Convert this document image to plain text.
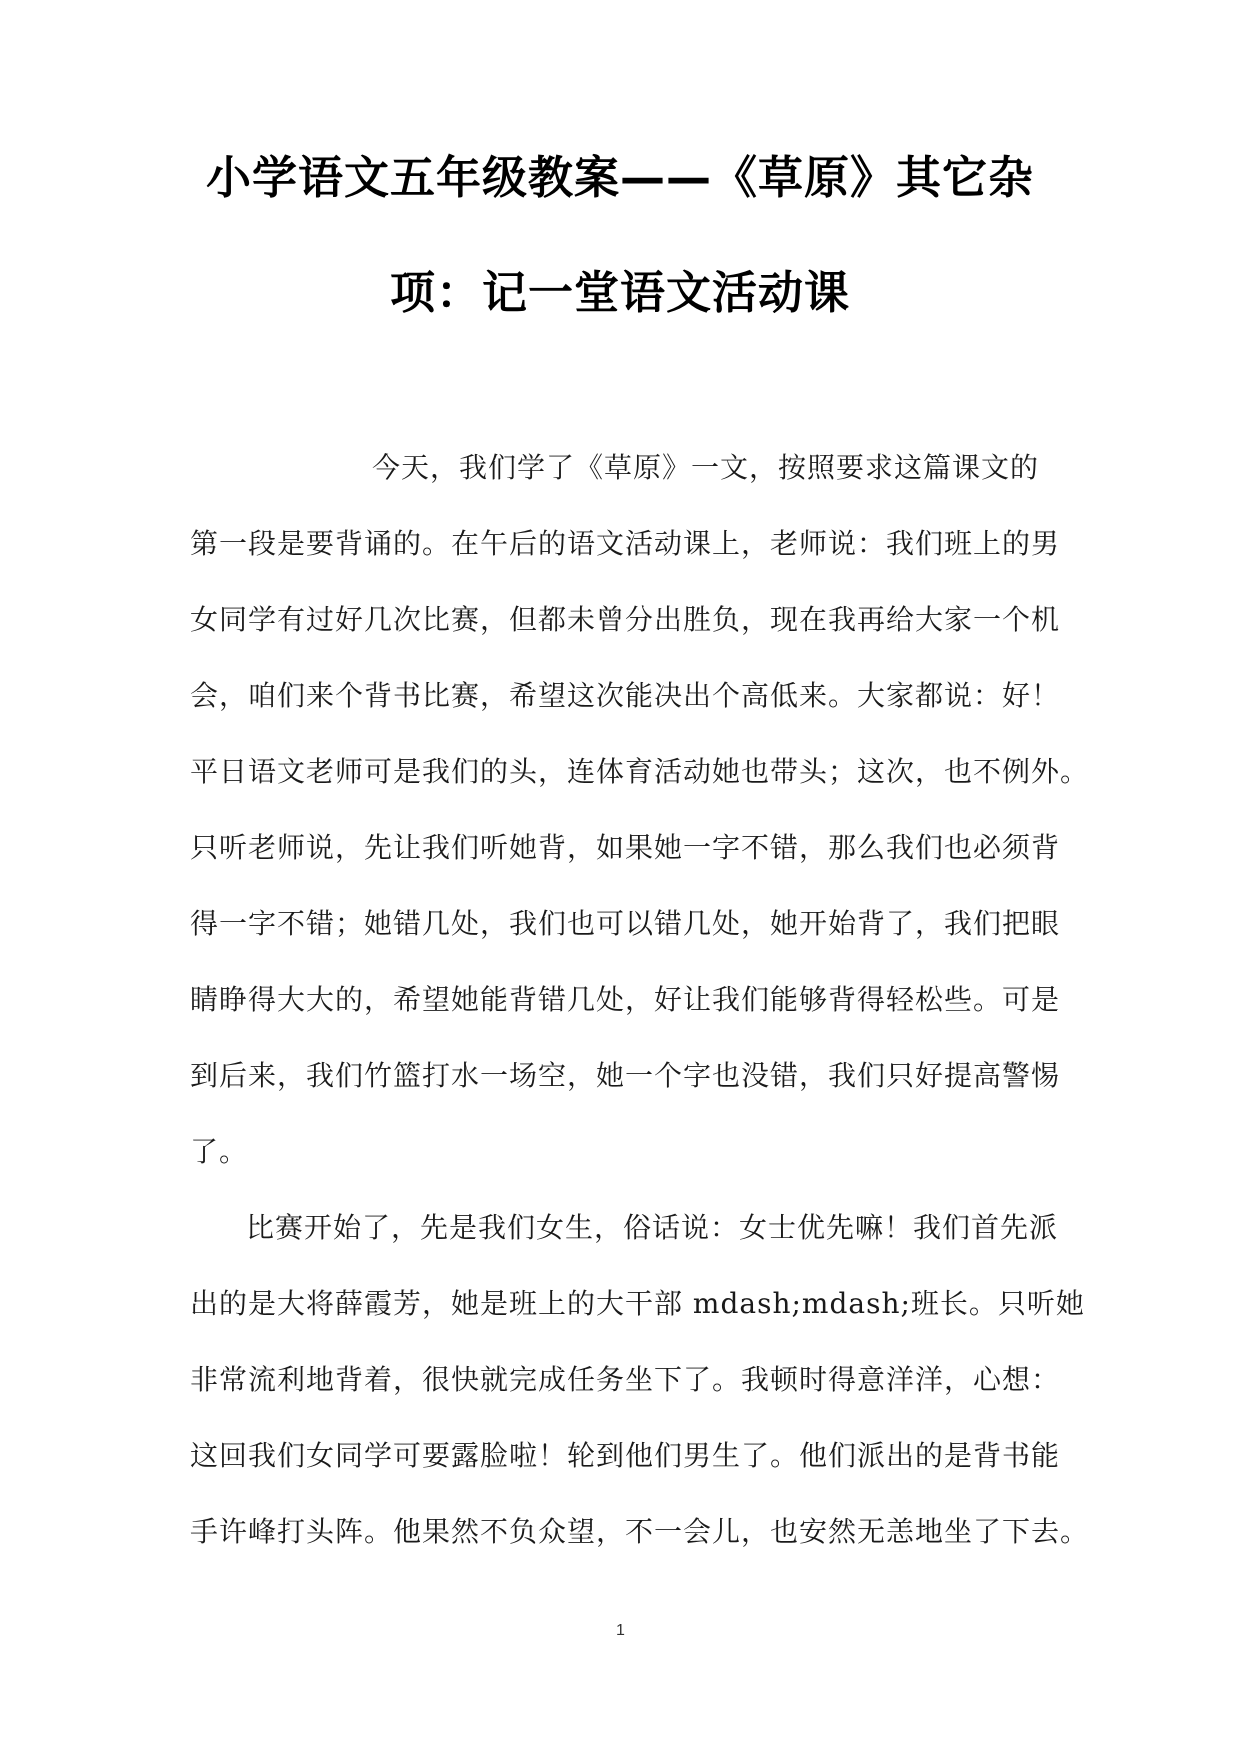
小学语文五年级教案——《草原》其它杂
项：记一堂语文活动课
今天，我们学了《草原》一文，按照要求这篇课文的
第一段是要背诵的。在午后的语文活动课上，老师说：我们班上的男
女同学有过好几次比赛，但都未曾分出胜负，现在我再给大家一个机
会，咱们来个背书比赛，希望这次能决出个高低来。大家都说：好！
平日语文老师可是我们的头，连体育活动她也带头；这次，也不例外。
只听老师说，先让我们听她背，如果她一字不错，那么我们也必须背
得一字不错；她错几处，我们也可以错几处，她开始背了，我们把眼
睛睁得大大的，希望她能背错几处，好让我们能够背得轻松些。可是
到后来，我们竹篮打水一场空，她一个字也没错，我们只好提高警惕
了。
比赛开始了，先是我们女生，俗话说：女士优先嘛！我们首先派
出的是大将薛霞芳，她是班上的大干部 mdash;mdash;班长。只听她
非常流利地背着，很快就完成任务坐下了。我顿时得意洋洋，心想：
这回我们女同学可要露脸啦！轮到他们男生了。他们派出的是背书能
手许峰打头阵。他果然不负众望，不一会儿，也安然无恙地坐了下去。
1
